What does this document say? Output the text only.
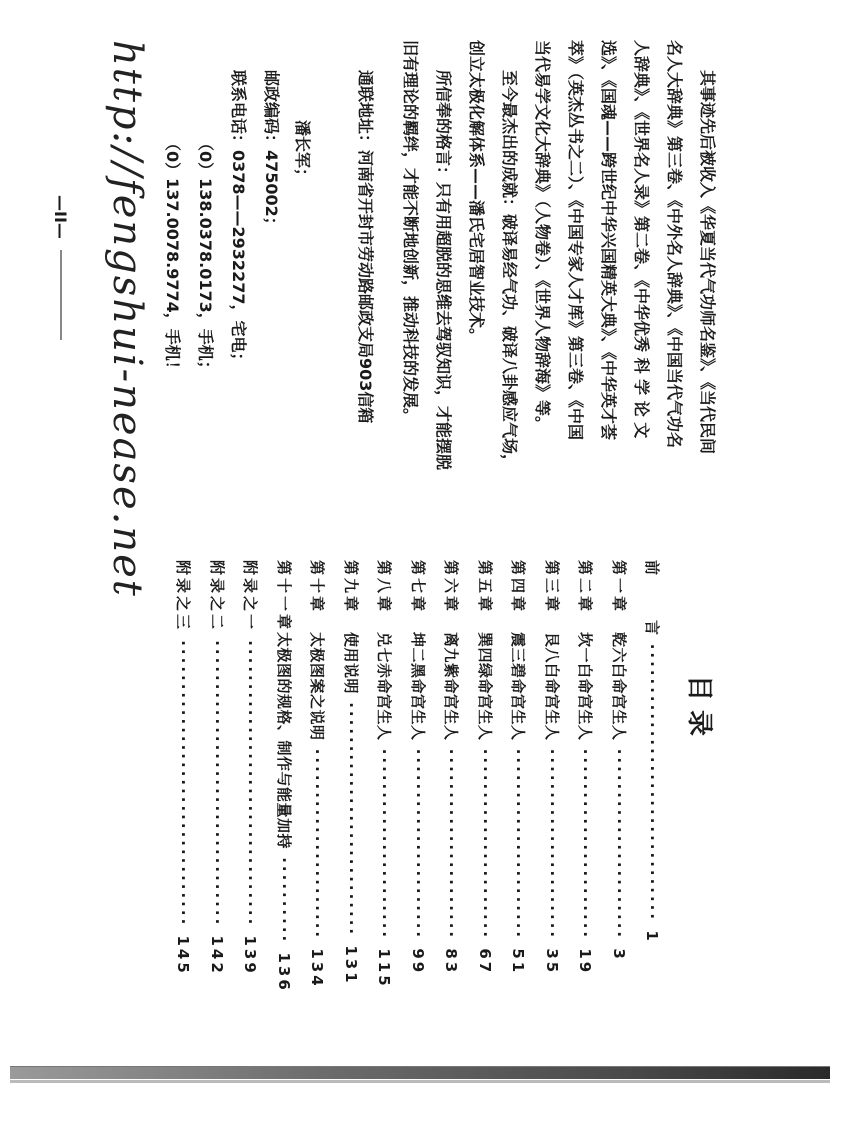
其事迹先后被收入《华夏当代气功师名鉴》、《当代民间
名人大辞典》第三卷、《中外名人辞典》、《中国当代气功名
人辞典》、《世界名人录》第二卷、《中华优秀 科 学 论 文
选》、《国魂——跨世纪中华兴国精英大典》、《中华英才荟
萃》（英杰丛书之二）、《中国专家人才库》第三卷、《中国
当代易学文化大辞典》（人物卷）、《世界人物辞海》等。
至今最杰出的成就：破译易经气功、破译八卦感应气场，
创立太极化解体系——潘氏宅居智业技术。
所信奉的格言：只有用超脱的思维去驾驭知识，才能摆脱
旧有理论的羁绊，才能不断地创新，推动科技的发展。
通联地址：河南省开封市劳动路邮政支局903信箱
潘长军；
邮政编码：475002；
联系电话：0378——2932277，宅电；
（0）138.0378.0173，手机；
（0）137.0078.9774，手机！
http://fengshui-nease.net
—II—
目 录
前言 ································ 1
第一章乾六白命宫生人 ······················ 3
第二章坎一白命宫生人 ······················ 19
第三章艮八白命宫生人 ······················ 35
第四章震三碧命宫生人 ······················ 51
第五章巽四绿命宫生人 ······················ 67
第六章离九紫命宫生人 ······················ 83
第七章坤二黑命宫生人 ······················ 99
第八章兑七赤命宫生人 ······················ 115
第九章使用说明 ··························· 131
第十章太极图案之说明 ······················ 134
第十一章太极图的规格、制作与能量加持 ·········· 136
附录之一 ································· 139
附录之二 ································· 142
附录之三 ································· 145
